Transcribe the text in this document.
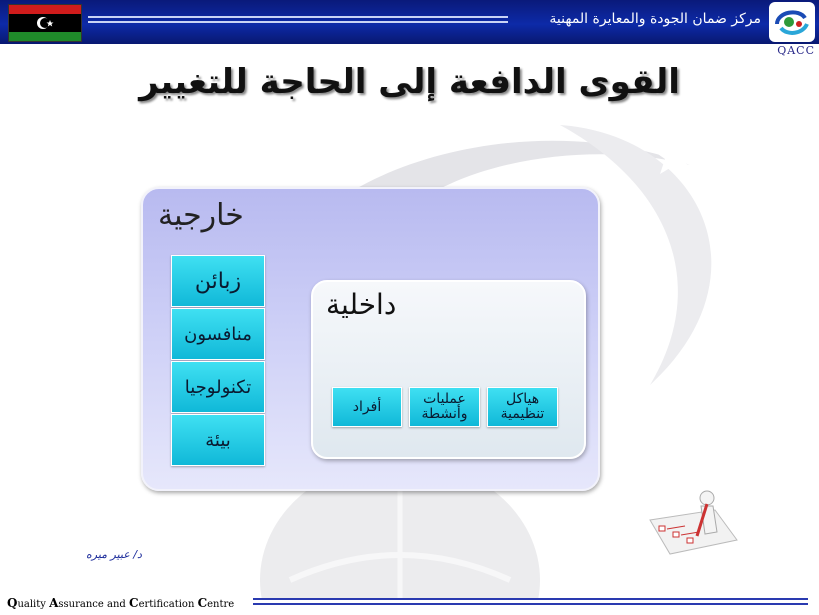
مركز ضمان الجودة والمعايرة المهنية
QACC
القوى الدافعة إلى الحاجة للتغيير
خارجية
زبائن
منافسون
تكنولوجيا
بيئة
داخلية
هياكل
تنظيمية
عمليات
وأنشطة
أفراد
د/ عبير ميره
Quality Assurance and Certification Centre
